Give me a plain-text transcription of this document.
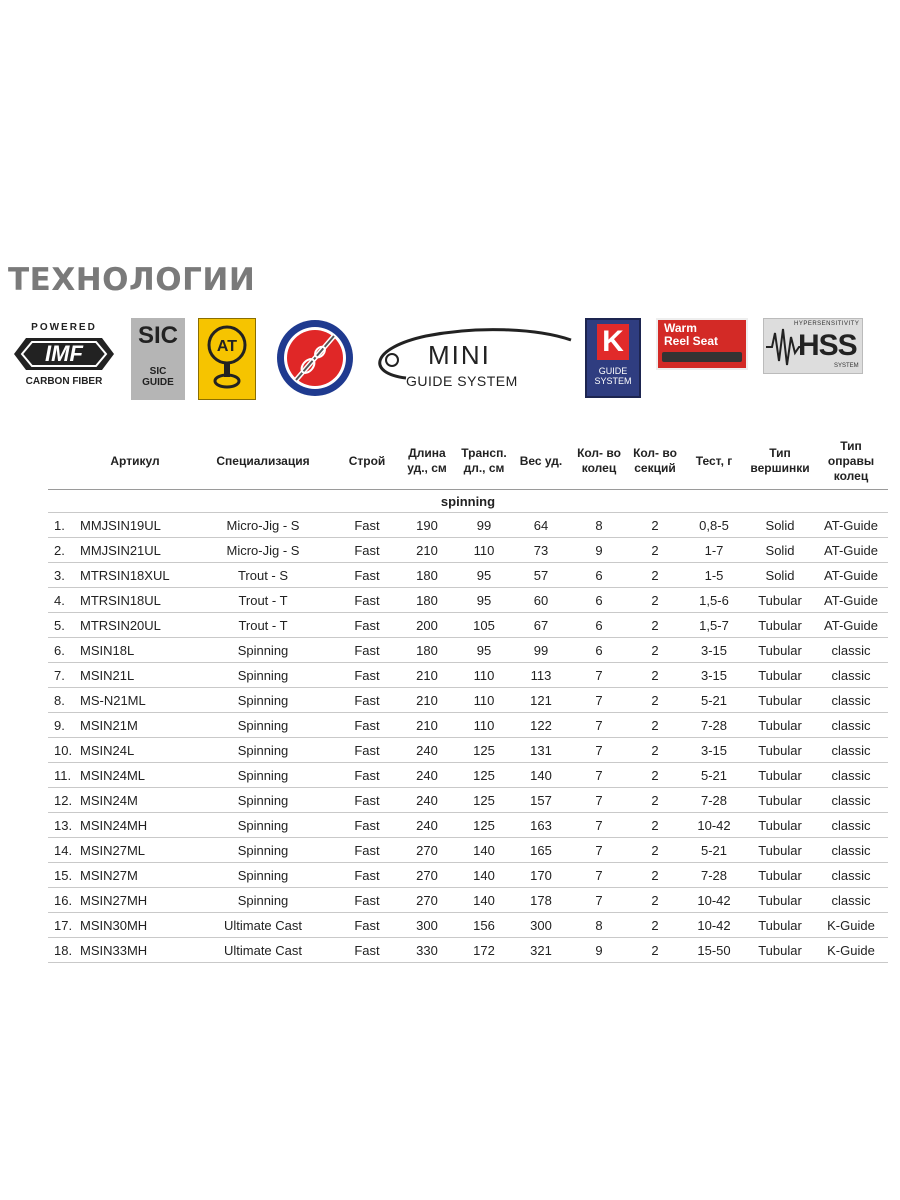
ТЕХНОЛОГИИ
POWERED
IMF
CARBON FIBER
SIC
SIC
GUIDE
AT	MINI
GUIDE SYSTEM
K
GUIDE
SYSTEM
Warm
Reel Seat
HYPERSENSITIVITY
HSS
SYSTEM
	Артикул	Специализация	Строй	Длина уд., см	Трансп. дл., см	Вес уд.	Кол- во колец	Кол- во секций	Тест, г	Тип вершинки	Тип оправы колец
spinning											
1.	MMJSIN19UL	Micro-Jig - S	Fast	190	99	64	8	2	0,8-5	Solid	AT-Guide
2.	MMJSIN21UL	Micro-Jig - S	Fast	210	110	73	9	2	1-7	Solid	AT-Guide
3.	MTRSIN18XUL	Trout - S	Fast	180	95	57	6	2	1-5	Solid	AT-Guide
4.	MTRSIN18UL	Trout - T	Fast	180	95	60	6	2	1,5-6	Tubular	AT-Guide
5.	MTRSIN20UL	Trout - T	Fast	200	105	67	6	2	1,5-7	Tubular	AT-Guide
6.	MSIN18L	Spinning	Fast	180	95	99	6	2	3-15	Tubular	classic
7.	MSIN21L	Spinning	Fast	210	110	113	7	2	3-15	Tubular	classic
8.	MS-N21ML	Spinning	Fast	210	110	121	7	2	5-21	Tubular	classic
9.	MSIN21M	Spinning	Fast	210	110	122	7	2	7-28	Tubular	classic
10.	MSIN24L	Spinning	Fast	240	125	131	7	2	3-15	Tubular	classic
11.	MSIN24ML	Spinning	Fast	240	125	140	7	2	5-21	Tubular	classic
12.	MSIN24M	Spinning	Fast	240	125	157	7	2	7-28	Tubular	classic
13.	MSIN24MH	Spinning	Fast	240	125	163	7	2	10-42	Tubular	classic
14.	MSIN27ML	Spinning	Fast	270	140	165	7	2	5-21	Tubular	classic
15.	MSIN27M	Spinning	Fast	270	140	170	7	2	7-28	Tubular	classic
16.	MSIN27MH	Spinning	Fast	270	140	178	7	2	10-42	Tubular	classic
17.	MSIN30MH	Ultimate Cast	Fast	300	156	300	8	2	10-42	Tubular	K-Guide
18.	MSIN33MH	Ultimate Cast	Fast	330	172	321	9	2	15-50	Tubular	K-Guide
